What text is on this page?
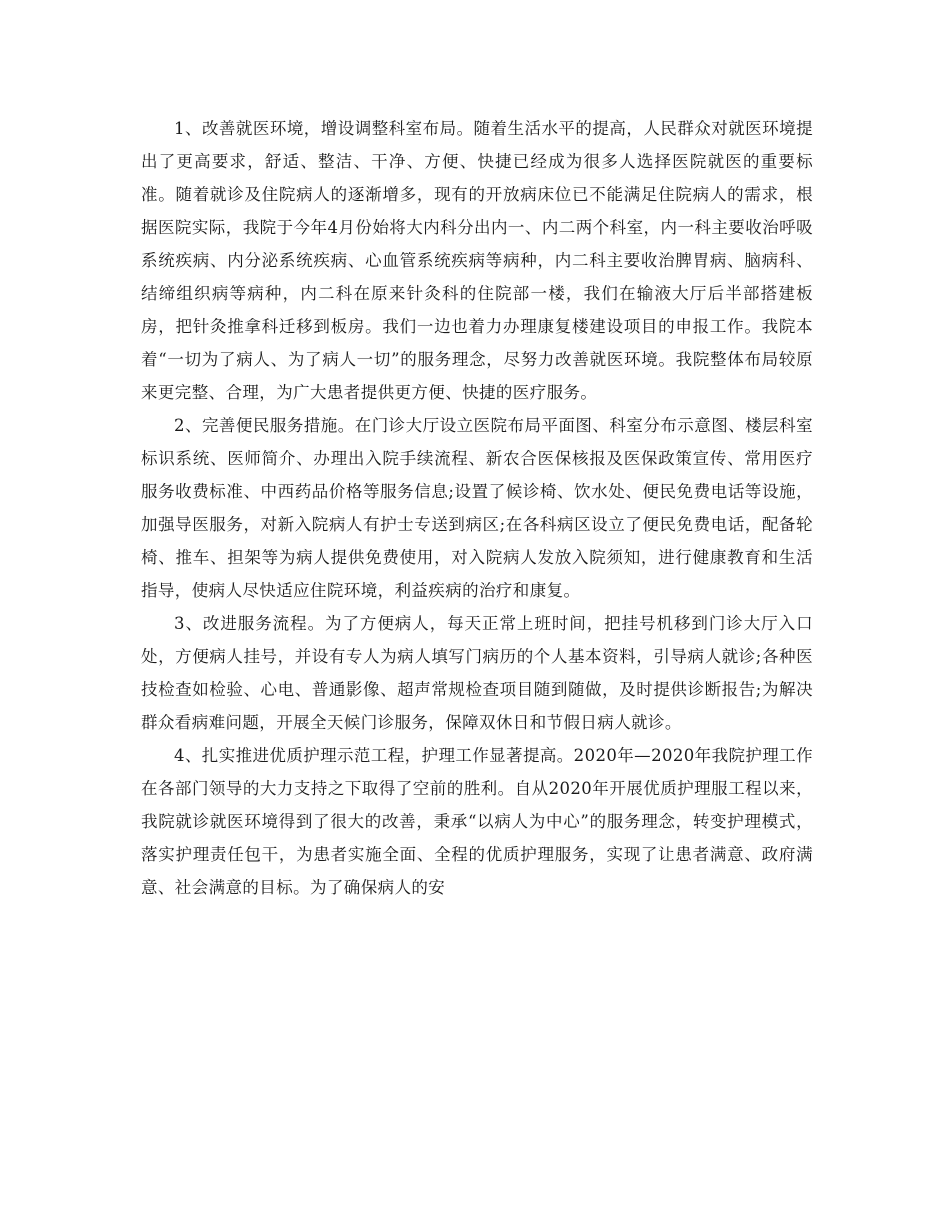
1、改善就医环境，增设调整科室布局。随着生活水平的提高，人民群众对就医环境提出了更高要求，舒适、整洁、干净、方便、快捷已经成为很多人选择医院就医的重要标准。随着就诊及住院病人的逐渐增多，现有的开放病床位已不能满足住院病人的需求，根据医院实际，我院于今年4月份始将大内科分出内一、内二两个科室，内一科主要收治呼吸系统疾病、内分泌系统疾病、心血管系统疾病等病种，内二科主要收治脾胃病、脑病科、结缔组织病等病种，内二科在原来针灸科的住院部一楼，我们在输液大厅后半部搭建板房，把针灸推拿科迁移到板房。我们一边也着力办理康复楼建设项目的申报工作。我院本着“一切为了病人、为了病人一切”的服务理念，尽努力改善就医环境。我院整体布局较原来更完整、合理，为广大患者提供更方便、快捷的医疗服务。

2、完善便民服务措施。在门诊大厅设立医院布局平面图、科室分布示意图、楼层科室标识系统、医师简介、办理出入院手续流程、新农合医保核报及医保政策宣传、常用医疗服务收费标准、中西药品价格等服务信息;设置了候诊椅、饮水处、便民免费电话等设施，加强导医服务，对新入院病人有护士专送到病区;在各科病区设立了便民免费电话，配备轮椅、推车、担架等为病人提供免费使用，对入院病人发放入院须知，进行健康教育和生活指导，使病人尽快适应住院环境，利益疾病的治疗和康复。

3、改进服务流程。为了方便病人，每天正常上班时间，把挂号机移到门诊大厅入口处，方便病人挂号，并设有专人为病人填写门病历的个人基本资料，引导病人就诊;各种医技检查如检验、心电、普通影像、超声常规检查项目随到随做，及时提供诊断报告;为解决群众看病难问题，开展全天候门诊服务，保障双休日和节假日病人就诊。

4、扎实推进优质护理示范工程，护理工作显著提高。2020年—2020年我院护理工作在各部门领导的大力支持之下取得了空前的胜利。自从2020年开展优质护理服工程以来，我院就诊就医环境得到了很大的改善，秉承“以病人为中心”的服务理念，转变护理模式，落实护理责任包干，为患者实施全面、全程的优质护理服务，实现了让患者满意、政府满意、社会满意的目标。为了确保病人的安
